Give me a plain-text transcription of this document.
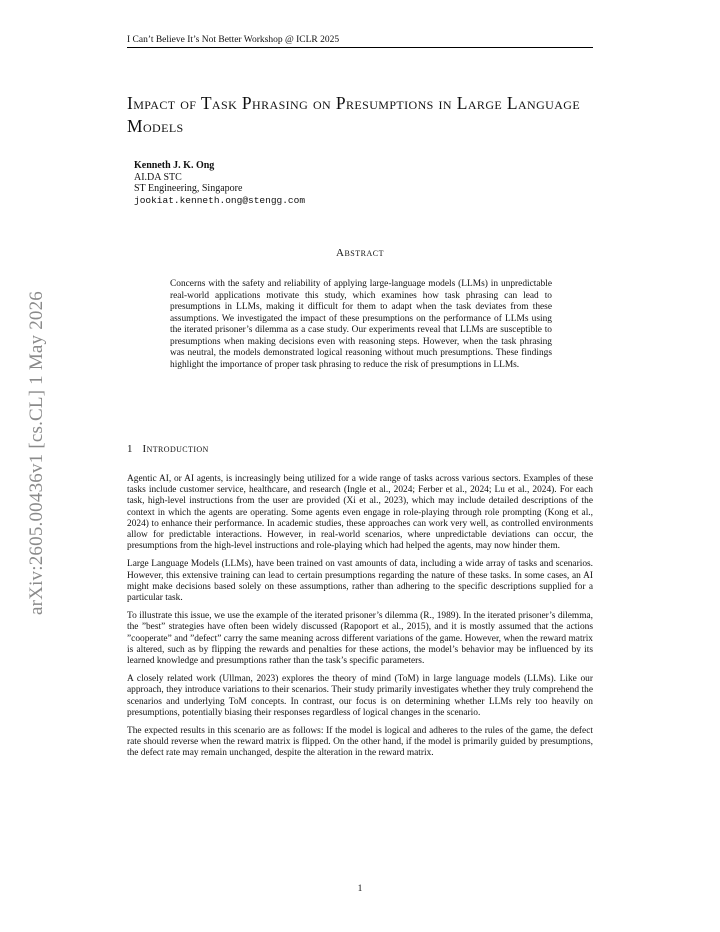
I Can’t Believe It’s Not Better Workshop @ ICLR 2025
arXiv:2605.00436v1 [cs.CL] 1 May 2026
Impact of Task Phrasing on Presumptions in Large Language Models
Kenneth J. K. Ong
AI.DA STC
ST Engineering, Singapore
jookiat.kenneth.ong@stengg.com
Abstract
Concerns with the safety and reliability of applying large-language models (LLMs) in unpredictable real-world applications motivate this study, which examines how task phrasing can lead to presumptions in LLMs, making it difficult for them to adapt when the task deviates from these assumptions. We investigated the impact of these presumptions on the performance of LLMs using the iterated prisoner’s dilemma as a case study. Our experiments reveal that LLMs are susceptible to presumptions when making decisions even with reasoning steps. However, when the task phrasing was neutral, the models demonstrated logical reasoning without much presumptions. These findings highlight the importance of proper task phrasing to reduce the risk of presumptions in LLMs.
1 Introduction

Agentic AI, or AI agents, is increasingly being utilized for a wide range of tasks across various sectors. Examples of these tasks include customer service, healthcare, and research (Ingle et al., 2024; Ferber et al., 2024; Lu et al., 2024). For each task, high-level instructions from the user are provided (Xi et al., 2023), which may include detailed descriptions of the context in which the agents are operating. Some agents even engage in role-playing through role prompting (Kong et al., 2024) to enhance their performance. In academic studies, these approaches can work very well, as controlled environments allow for predictable interactions. However, in real-world scenarios, where unpredictable deviations can occur, the presumptions from the high-level instructions and role-playing which had helped the agents, may now hinder them.

Large Language Models (LLMs), have been trained on vast amounts of data, including a wide array of tasks and scenarios. However, this extensive training can lead to certain presumptions regarding the nature of these tasks. In some cases, an AI might make decisions based solely on these assumptions, rather than adhering to the specific descriptions supplied for a particular task.

To illustrate this issue, we use the example of the iterated prisoner’s dilemma (R., 1989). In the iterated prisoner’s dilemma, the ”best” strategies have often been widely discussed (Rapoport et al., 2015), and it is mostly assumed that the actions ”cooperate” and ”defect” carry the same meaning across different variations of the game. However, when the reward matrix is altered, such as by flipping the rewards and penalties for these actions, the model’s behavior may be influenced by its learned knowledge and presumptions rather than the task’s specific parameters.

A closely related work (Ullman, 2023) explores the theory of mind (ToM) in large language models (LLMs). Like our approach, they introduce variations to their scenarios. Their study primarily investigates whether they truly comprehend the scenarios and underlying ToM concepts. In contrast, our focus is on determining whether LLMs rely too heavily on presumptions, potentially biasing their responses regardless of logical changes in the scenario.

The expected results in this scenario are as follows: If the model is logical and adheres to the rules of the game, the defect rate should reverse when the reward matrix is flipped. On the other hand, if the model is primarily guided by presumptions, the defect rate may remain unchanged, despite the alteration in the reward matrix.

1
